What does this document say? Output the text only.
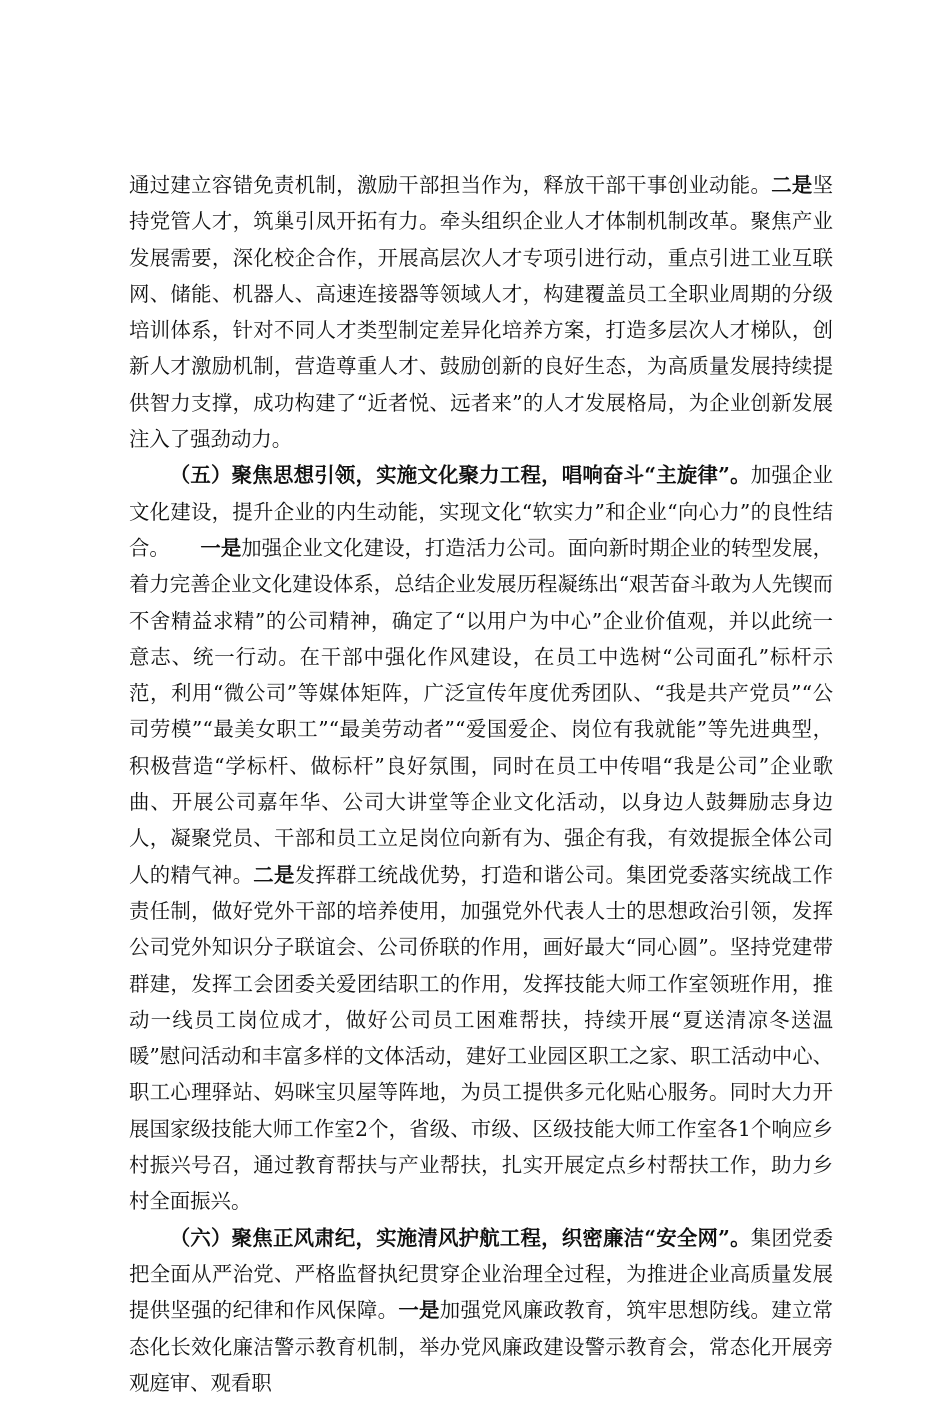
通过建立容错免责机制，激励干部担当作为，释放干部干事创业动能。二是坚持党管人才，筑巢引凤开拓有力。牵头组织企业人才体制机制改革。聚焦产业发展需要，深化校企合作，开展高层次人才专项引进行动，重点引进工业互联网、储能、机器人、高速连接器等领域人才，构建覆盖员工全职业周期的分级培训体系，针对不同人才类型制定差异化培养方案，打造多层次人才梯队，创新人才激励机制，营造尊重人才、鼓励创新的良好生态，为高质量发展持续提供智力支撑，成功构建了“近者悦、远者来”的人才发展格局，为企业创新发展注入了强劲动力。

（五）聚焦思想引领，实施文化聚力工程，唱响奋斗“主旋律”。加强企业文化建设，提升企业的内生动能，实现文化“软实力”和企业“向心力”的良性结合。 一是加强企业文化建设，打造活力公司。面向新时期企业的转型发展，着力完善企业文化建设体系，总结企业发展历程凝练出“艰苦奋斗敢为人先锲而不舍精益求精”的公司精神，确定了“以用户为中心”企业价值观，并以此统一意志、统一行动。在干部中强化作风建设，在员工中选树“公司面孔”标杆示范，利用“微公司”等媒体矩阵，广泛宣传年度优秀团队、“我是共产党员”“公司劳模”“最美女职工”“最美劳动者”“爱国爱企、岗位有我就能”等先进典型，积极营造“学标杆、做标杆”良好氛围，同时在员工中传唱“我是公司”企业歌曲、开展公司嘉年华、公司大讲堂等企业文化活动，以身边人鼓舞励志身边人，凝聚党员、干部和员工立足岗位向新有为、强企有我，有效提振全体公司人的精气神。二是发挥群工统战优势，打造和谐公司。集团党委落实统战工作责任制，做好党外干部的培养使用，加强党外代表人士的思想政治引领，发挥公司党外知识分子联谊会、公司侨联的作用，画好最大“同心圆”。坚持党建带群建，发挥工会团委关爱团结职工的作用，发挥技能大师工作室领班作用，推动一线员工岗位成才，做好公司员工困难帮扶，持续开展“夏送清凉冬送温暖”慰问活动和丰富多样的文体活动，建好工业园区职工之家、职工活动中心、职工心理驿站、妈咪宝贝屋等阵地，为员工提供多元化贴心服务。同时大力开展国家级技能大师工作室2个，省级、市级、区级技能大师工作室各1个响应乡村振兴号召，通过教育帮扶与产业帮扶，扎实开展定点乡村帮扶工作，助力乡村全面振兴。

（六）聚焦正风肃纪，实施清风护航工程，织密廉洁“安全网”。集团党委把全面从严治党、严格监督执纪贯穿企业治理全过程，为推进企业高质量发展提供坚强的纪律和作风保障。一是加强党风廉政教育，筑牢思想防线。建立常态化长效化廉洁警示教育机制，举办党风廉政建设警示教育会，常态化开展旁观庭审、观看职
